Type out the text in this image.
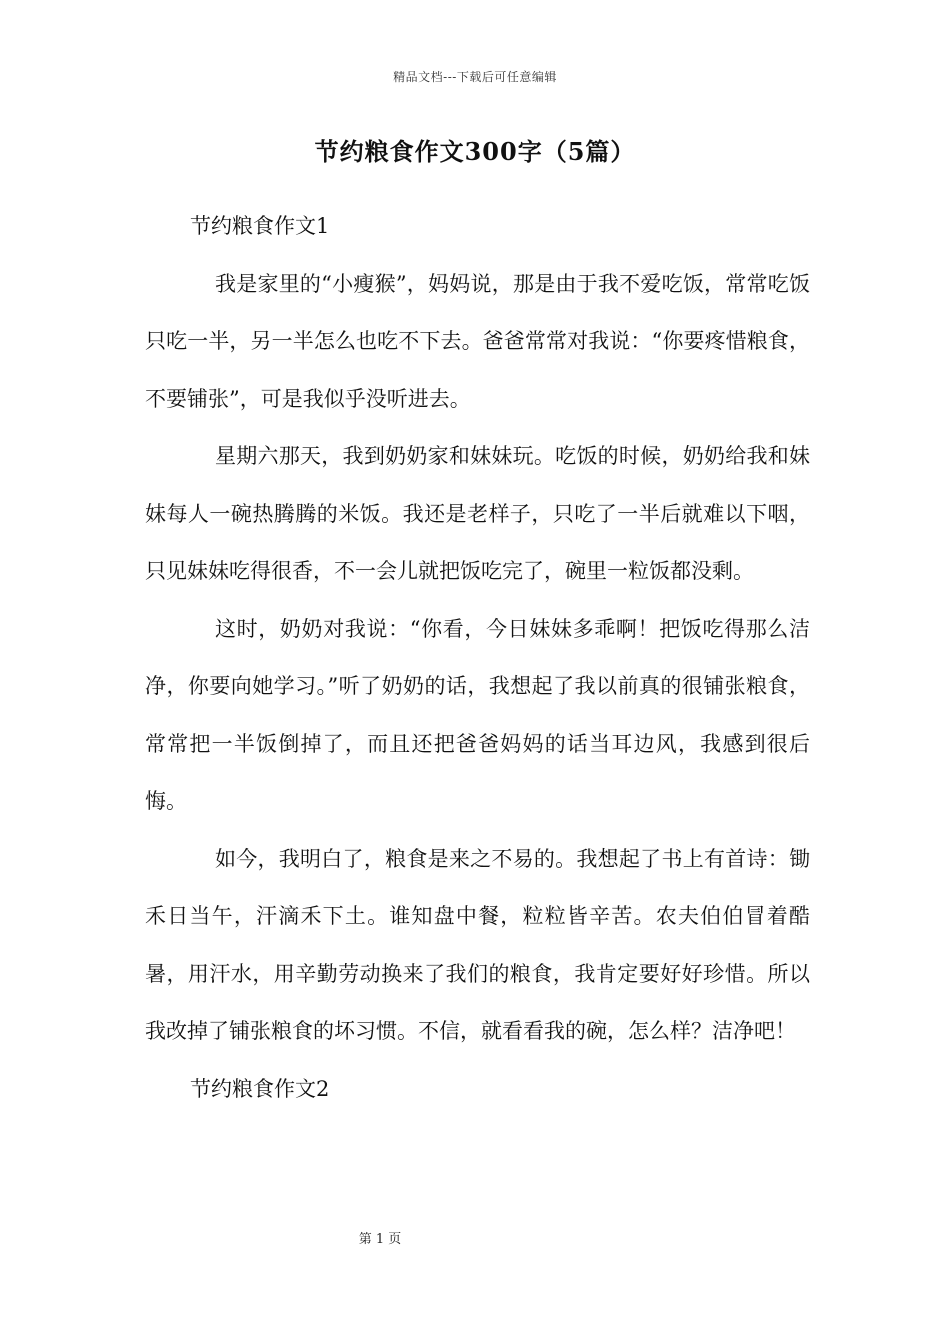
精品文档---下载后可任意编辑
节约粮食作文300字（5篇）

节约粮食作文1

我是家里的“小瘦猴”，妈妈说，那是由于我不爱吃饭，常常吃饭只吃一半，另一半怎么也吃不下去。爸爸常常对我说：“你要疼惜粮食，不要铺张”，可是我似乎没听进去。

星期六那天，我到奶奶家和妹妹玩。吃饭的时候，奶奶给我和妹妹每人一碗热腾腾的米饭。我还是老样子，只吃了一半后就难以下咽，只见妹妹吃得很香，不一会儿就把饭吃完了，碗里一粒饭都没剩。

这时，奶奶对我说：“你看，今日妹妹多乖啊！把饭吃得那么洁净，你要向她学习。”听了奶奶的话，我想起了我以前真的很铺张粮食，常常把一半饭倒掉了，而且还把爸爸妈妈的话当耳边风，我感到很后悔。

如今，我明白了，粮食是来之不易的。我想起了书上有首诗：锄禾日当午，汗滴禾下土。谁知盘中餐，粒粒皆辛苦。农夫伯伯冒着酷暑，用汗水，用辛勤劳动换来了我们的粮食，我肯定要好好珍惜。所以我改掉了铺张粮食的坏习惯。不信，就看看我的碗，怎么样？洁净吧！

节约粮食作文2

第 1 页
